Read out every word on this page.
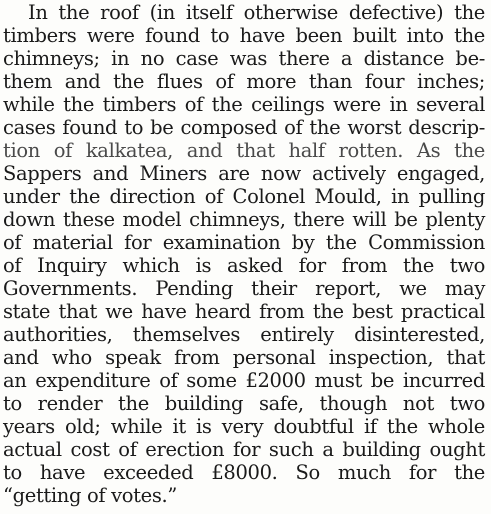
In the roof (in itself otherwise defective) the
timbers were found to have been built into the
chimneys; in no case was there a distance be-
them and the flues of more than four inches;
while the timbers of the ceilings were in several
cases found to be composed of the worst descrip-
tion of kalkatea, and that half rotten. As the
Sappers and Miners are now actively engaged,
under the direction of Colonel Mould, in pulling
down these model chimneys, there will be plenty
of material for examination by the Commission
of Inquiry which is asked for from the two
Governments. Pending their report, we may
state that we have heard from the best practical
authorities, themselves entirely disinterested,
and who speak from personal inspection, that
an expenditure of some £2000 must be incurred
to render the building safe, though not two
years old; while it is very doubtful if the whole
actual cost of erection for such a building ought
to have exceeded £8000. So much for the
“getting of votes.”
